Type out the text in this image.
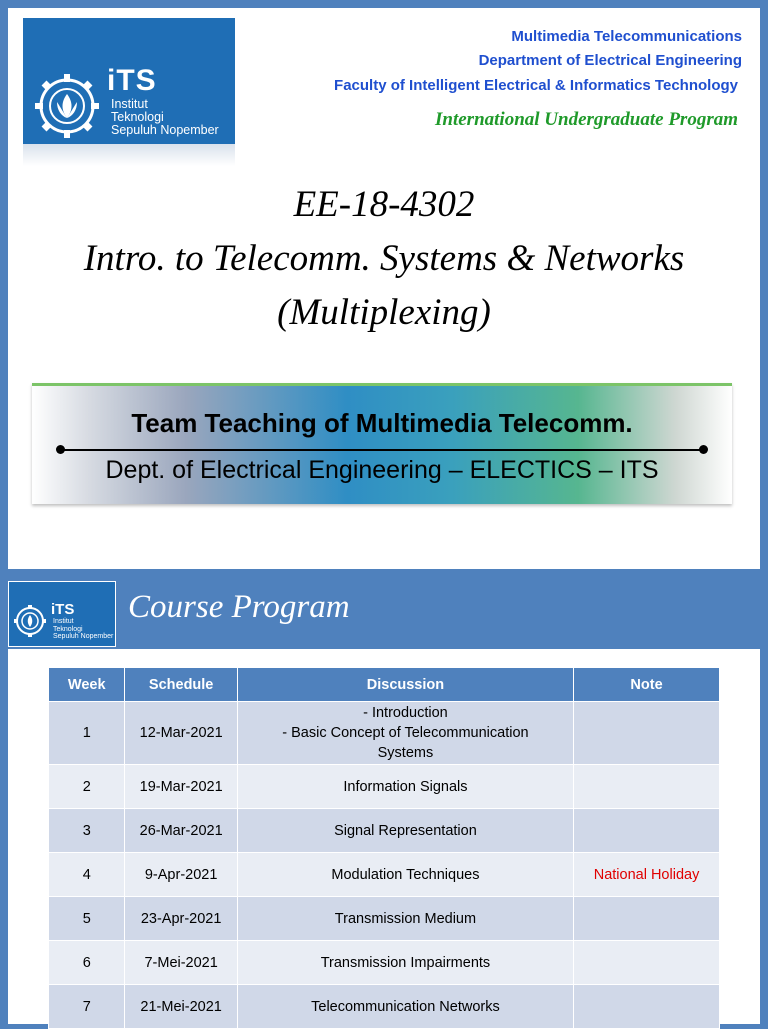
iTS
Institut
Teknologi
Sepuluh Nopember
Multimedia Telecommunications
Department of Electrical Engineering
Faculty of Intelligent Electrical & Informatics Technology
International Undergraduate Program
EE-18-4302
Intro. to Telecomm. Systems & Networks
(Multiplexing)
Team Teaching of Multimedia Telecomm.
Dept. of Electrical Engineering – ELECTICS – ITS
iTS
Institut
Teknologi
Sepuluh Nopember
Course Program
Week	Schedule	Discussion	Note
1	12-Mar-2021	- Introduction
- Basic Concept of Telecommunication
Systems	

2	19-Mar-2021	Information Signals	
3	26-Mar-2021	Signal Representation	
4	9-Apr-2021	Modulation Techniques	National Holiday
5	23-Apr-2021	Transmission Medium	
6	7-Mei-2021	Transmission Impairments	
7	21-Mei-2021	Telecommunication Networks	
